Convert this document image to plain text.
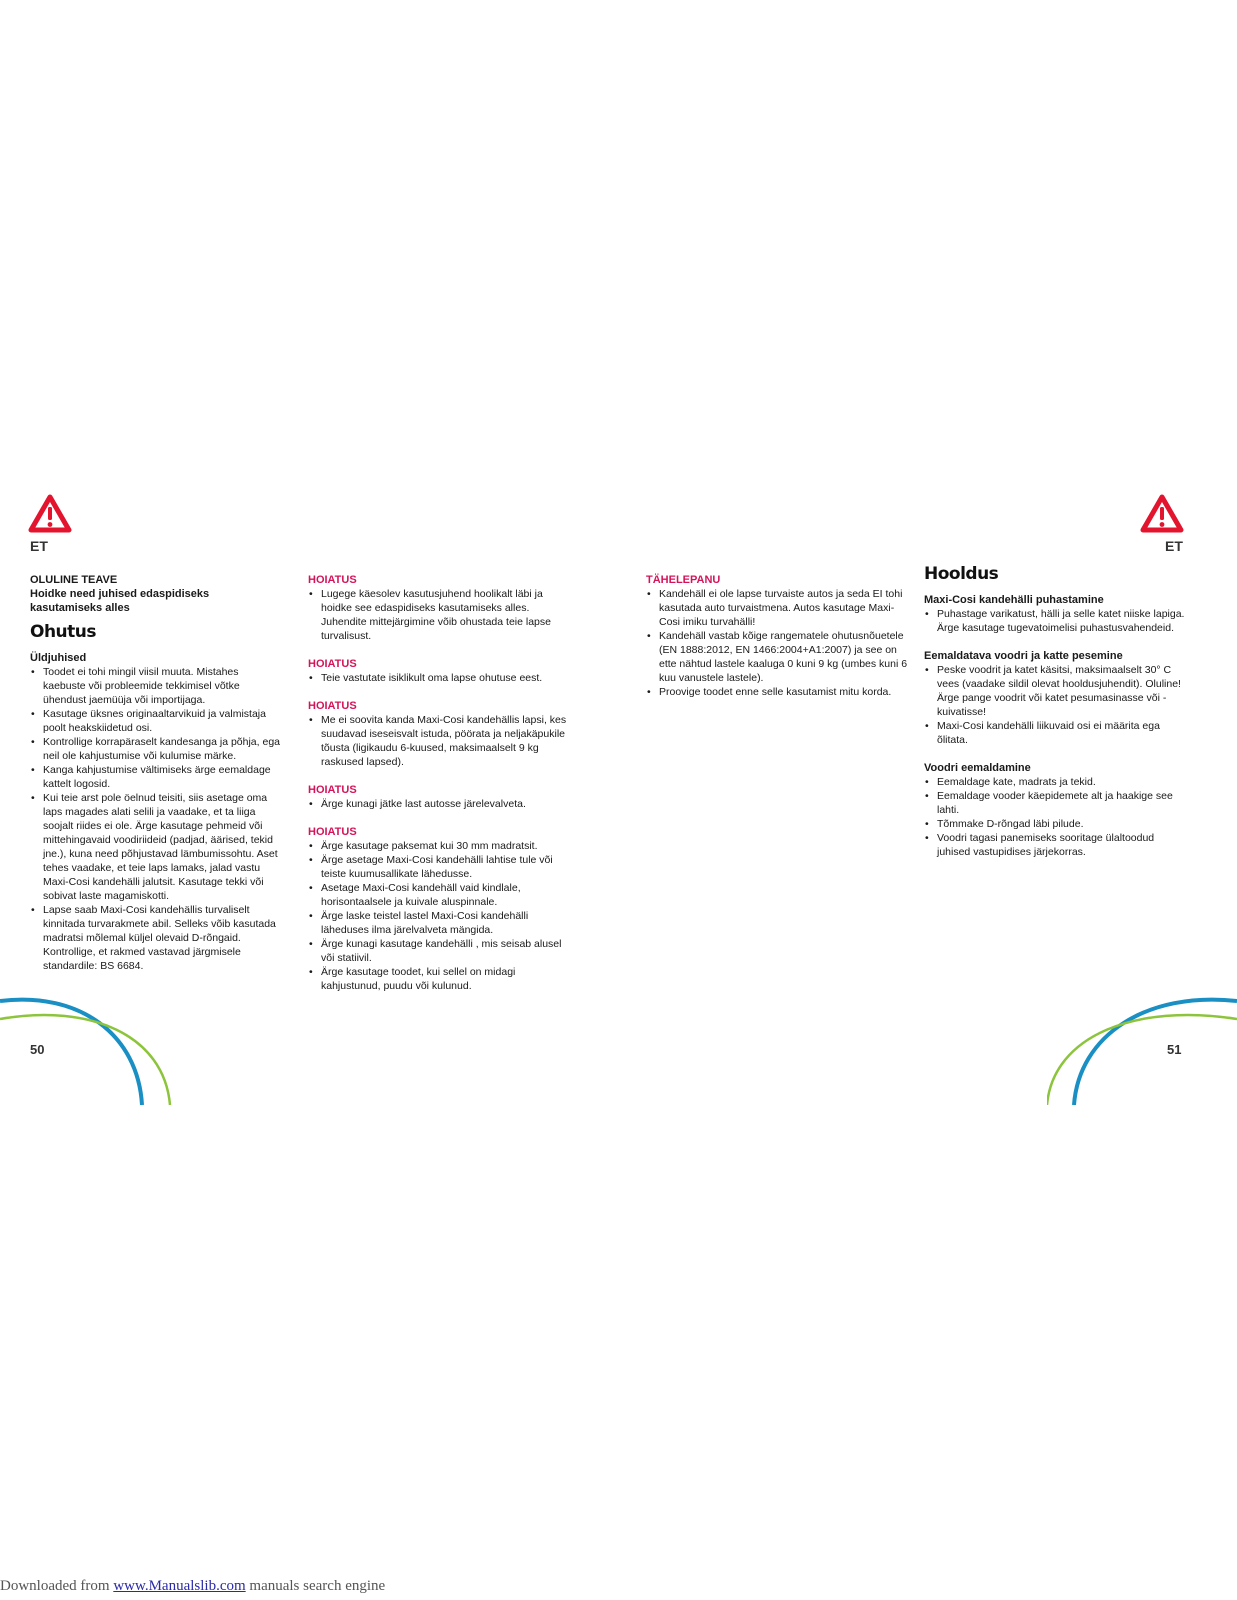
ET

OLULINE TEAVE

Hoidke need juhised edaspidiseks

kasutamiseks alles

Ohutus

Üldjuhised

• Toodet ei tohi mingil viisil muuta. Mistahes kaebuste või probleemide tekkimisel võtke ühendust jaemüüja või importijaga.
• Kasutage üksnes originaaltarvikuid ja valmistaja poolt heakskiidetud osi.
• Kontrollige korrapäraselt kandesanga ja põhja, ega neil ole kahjustumise või kulumise märke.
• Kanga kahjustumise vältimiseks ärge eemaldage kattelt logosid.
• Kui teie arst pole öelnud teisiti, siis asetage oma laps magades alati selili ja vaadake, et ta liiga soojalt riides ei ole. Ärge kasutage pehmeid või mittehingavaid voodiriideid (padjad, äärised, tekid jne.), kuna need põhjustavad lämbumissohtu. Aset tehes vaadake, et teie laps lamaks, jalad vastu Maxi-Cosi kandehälli jalutsit. Kasutage tekki või sobivat laste magamiskotti.
• Lapse saab Maxi-Cosi kandehällis turvaliselt kinnitada turvarakmete abil. Selleks võib kasutada madratsi mõlemal küljel olevaid D-rõngaid. Kontrollige, et rakmed vastavad järgmisele standardile: BS 6684.

HOIATUS

• Lugege käesolev kasutusjuhend hoolikalt läbi ja hoidke see edaspidiseks kasutamiseks alles. Juhendite mittejärgimine võib ohustada teie lapse turvalisust.

HOIATUS

• Teie vastutate isiklikult oma lapse ohutuse eest.

HOIATUS

• Me ei soovita kanda Maxi-Cosi kandehällis lapsi, kes suudavad iseseisvalt istuda, pöörata ja neljakäpukile tõusta (ligikaudu 6-kuused, maksimaalselt 9 kg raskused lapsed).

HOIATUS

• Ärge kunagi jätke last autosse järelevalveta.

HOIATUS

• Ärge kasutage paksemat kui 30 mm madratsit.
• Ärge asetage Maxi-Cosi kandehälli lahtise tule või teiste kuumusallikate lähedusse.
• Asetage Maxi-Cosi kandehäll vaid kindlale, horisontaalsele ja kuivale aluspinnale.
• Ärge laske teistel lastel Maxi-Cosi kandehälli läheduses ilma järelvalveta mängida.
• Ärge kunagi kasutage kandehälli , mis seisab alusel või statiivil.
• Ärge kasutage toodet, kui sellel on midagi kahjustunud, puudu või kulunud.
50

TÄHELEPANU

• Kandehäll ei ole lapse turvaiste autos ja seda EI tohi kasutada auto turvaistmena. Autos kasutage Maxi-Cosi imiku turvahälli!
• Kandehäll vastab kõige rangematele ohutusnõuetele (EN 1888:2012, EN 1466:2004+A1:2007) ja see on ette nähtud lastele kaaluga 0 kuni 9 kg (umbes kuni 6 kuu vanustele lastele).
• Proovige toodet enne selle kasutamist mitu korda.
Hooldus

Maxi-Cosi kandehälli puhastamine

• Puhastage varikatust, hälli ja selle katet niiske lapiga. Ärge kasutage tugevatoimelisi puhastusvahendeid.

Eemaldatava voodri ja katte pesemine

• Peske voodrit ja katet käsitsi, maksimaalselt 30° C vees (vaadake sildil olevat hooldusjuhendit). Oluline! Ärge pange voodrit või katet pesumasinasse või -kuivatisse!
• Maxi-Cosi kandehälli liikuvaid osi ei määrita ega õlitata.

Voodri eemaldamine

• Eemaldage kate, madrats ja tekid.
• Eemaldage vooder käepidemete alt ja haakige see lahti.
• Tõmmake D-rõngad läbi pilude.
• Voodri tagasi panemiseks sooritage ülaltoodud juhised vastupidises järjekorras.
ET
51
Downloaded from www.Manualslib.com manuals search engine
